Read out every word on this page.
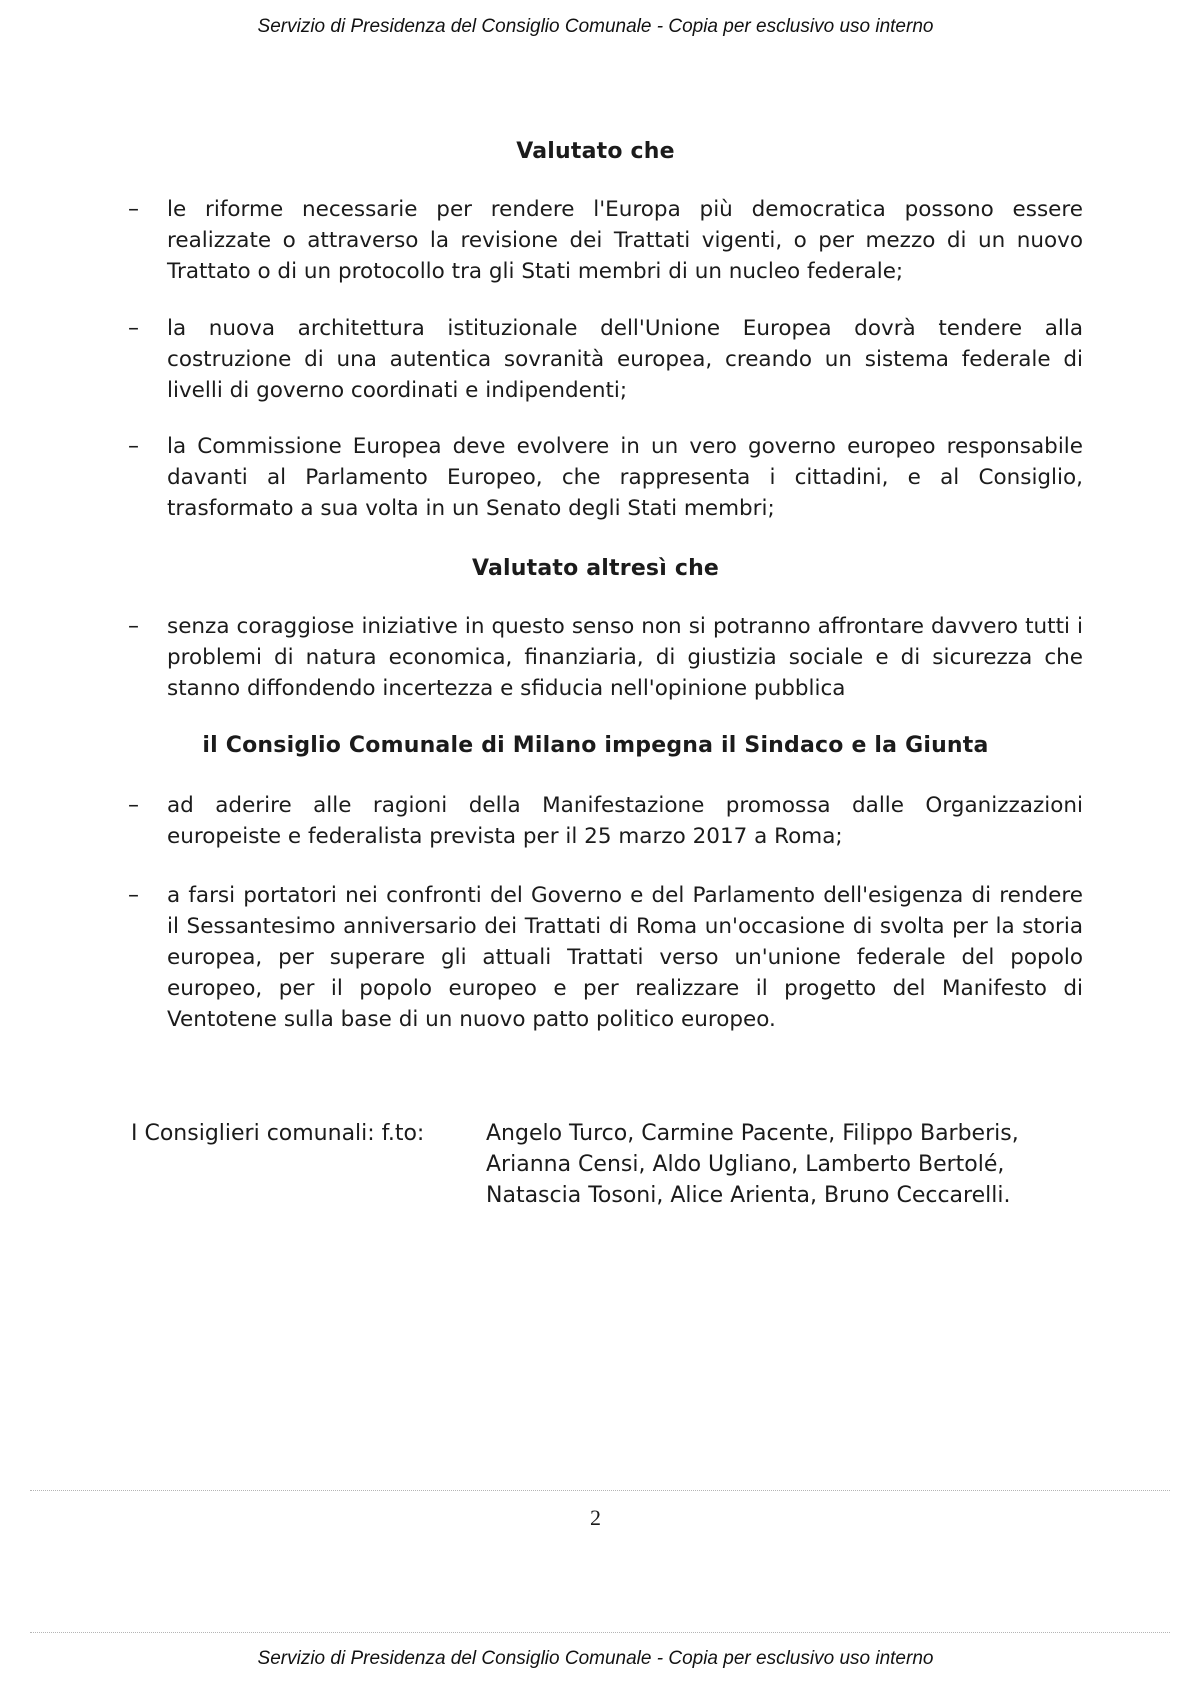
Servizio di Presidenza del Consiglio Comunale - Copia per esclusivo uso interno
Valutato che
– le riforme necessarie per rendere l'Europa più democratica possono essere realizzate o attraverso la revisione dei Trattati vigenti, o per mezzo di un nuovo Trattato o di un protocollo tra gli Stati membri di un nucleo federale;
– la nuova architettura istituzionale dell'Unione Europea dovrà tendere alla costruzione di una autentica sovranità europea, creando un sistema federale di livelli di governo coordinati e indipendenti;
– la Commissione Europea deve evolvere in un vero governo europeo responsabile davanti al Parlamento Europeo, che rappresenta i cittadini, e al Consiglio, trasformato a sua volta in un Senato degli Stati membri;
Valutato altresì che
– senza coraggiose iniziative in questo senso non si potranno affrontare davvero tutti i problemi di natura economica, finanziaria, di giustizia sociale e di sicurezza che stanno diffondendo incertezza e sfiducia nell'opinione pubblica
il Consiglio Comunale di Milano impegna il Sindaco e la Giunta
– ad aderire alle ragioni della Manifestazione promossa dalle Organizzazioni europeiste e federalista prevista per il 25 marzo 2017 a Roma;
– a farsi portatori nei confronti del Governo e del Parlamento dell'esigenza di rendere il Sessantesimo anniversario dei Trattati di Roma un'occasione di svolta per la storia europea, per superare gli attuali Trattati verso un'unione federale del popolo europeo, per il popolo europeo e per realizzare il progetto del Manifesto di Ventotene sulla base di un nuovo patto politico europeo.
I Consiglieri comunali: f.to:	Angelo Turco, Carmine Pacente, Filippo Barberis, Arianna Censi, Aldo Ugliano, Lamberto Bertolé, Natascia Tosoni, Alice Arienta, Bruno Ceccarelli.
2
Servizio di Presidenza del Consiglio Comunale - Copia per esclusivo uso interno
